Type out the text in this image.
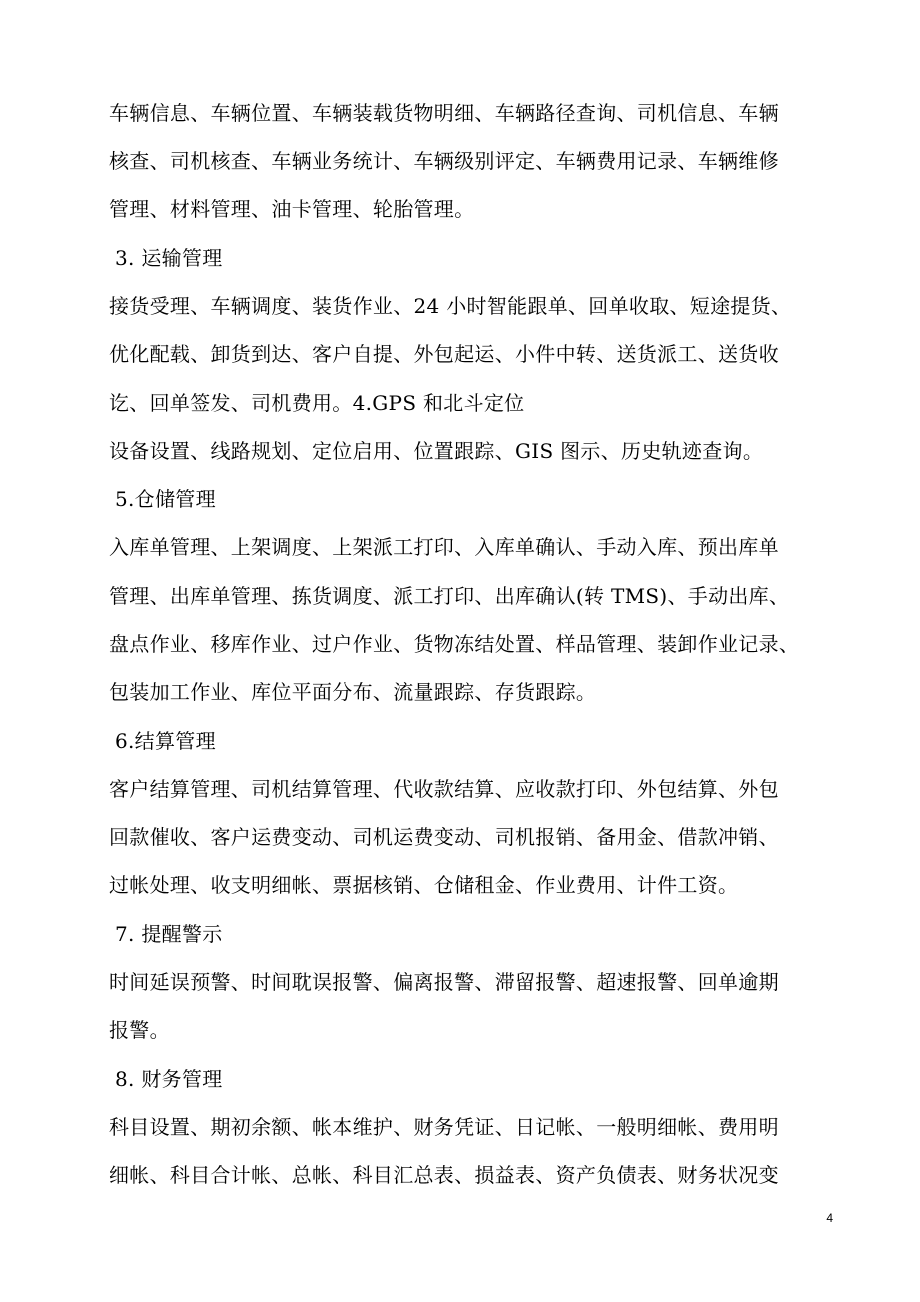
车辆信息、车辆位置、车辆装载货物明细、车辆路径查询、司机信息、车辆
核查、司机核查、车辆业务统计、车辆级别评定、车辆费用记录、车辆维修
管理、材料管理、油卡管理、轮胎管理。
3. 运输管理
接货受理、车辆调度、装货作业、24 小时智能跟单、回单收取、短途提货、
优化配载、卸货到达、客户自提、外包起运、小件中转、送货派工、送货收
讫、回单签发、司机费用。4.GPS 和北斗定位
设备设置、线路规划、定位启用、位置跟踪、GIS 图示、历史轨迹查询。
5.仓储管理
入库单管理、上架调度、上架派工打印、入库单确认、手动入库、预出库单
管理、出库单管理、拣货调度、派工打印、出库确认(转 TMS)、手动出库、
盘点作业、移库作业、过户作业、货物冻结处置、样品管理、装卸作业记录、
包装加工作业、库位平面分布、流量跟踪、存货跟踪。
6.结算管理
客户结算管理、司机结算管理、代收款结算、应收款打印、外包结算、外包
回款催收、客户运费变动、司机运费变动、司机报销、备用金、借款冲销、
过帐处理、收支明细帐、票据核销、仓储租金、作业费用、计件工资。
7. 提醒警示
时间延误预警、时间耽误报警、偏离报警、滞留报警、超速报警、回单逾期
报警。
8. 财务管理
科目设置、期初余额、帐本维护、财务凭证、日记帐、一般明细帐、费用明
细帐、科目合计帐、总帐、科目汇总表、损益表、资产负债表、财务状况变
4
